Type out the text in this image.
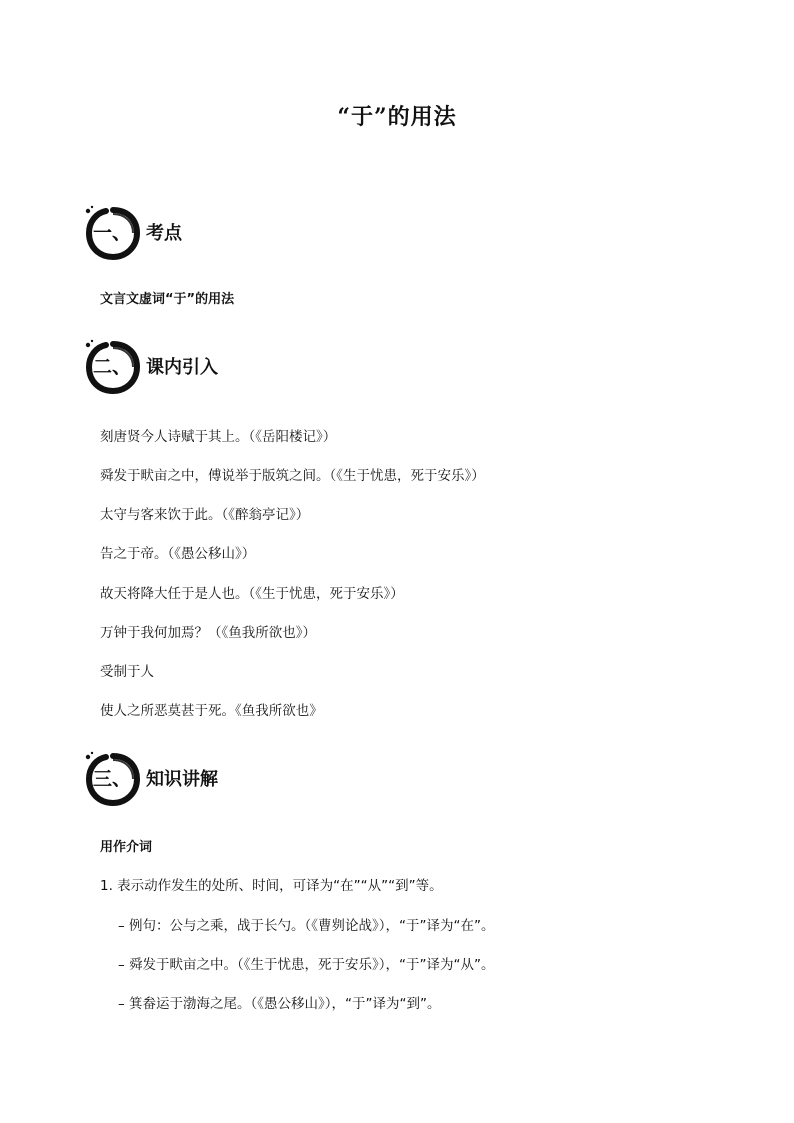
“于”的用法
一、 考点
文言文虚词“于”的用法
二、 课内引入
刻唐贤今人诗赋于其上。（《岳阳楼记》）
舜发于畎亩之中，傅说举于版筑之间。（《生于忧患，死于安乐》）
太守与客来饮于此。（《醉翁亭记》）
告之于帝。（《愚公移山》）
故天将降大任于是人也。（《生于忧患，死于安乐》）
万钟于我何加焉？（《鱼我所欲也》）
受制于人
使人之所恶莫甚于死。《鱼我所欲也》
三、 知识讲解
用作介词
1. 表示动作发生的处所、时间，可译为“在”“从”“到”等。
– 例句：公与之乘，战于长勺。（《曹刿论战》），“于”译为“在”。
– 舜发于畎亩之中。（《生于忧患，死于安乐》），“于”译为“从”。
– 箕畚运于渤海之尾。（《愚公移山》），“于”译为“到”。
